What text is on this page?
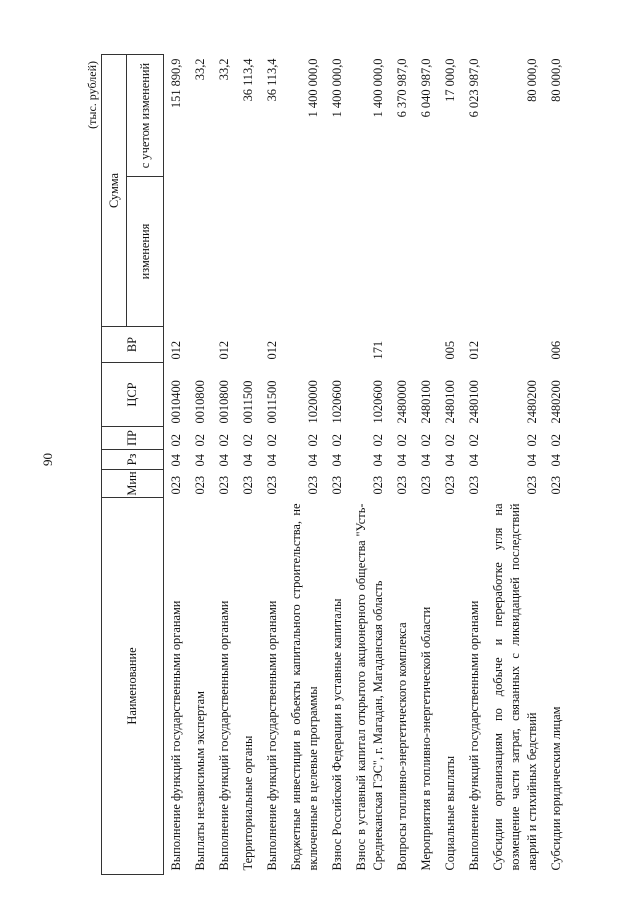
90
(тыс. рублей)
Наименование	Мин	Рз	ПР	ЦСР	ВР	Сумма	
						изменения	с учетом изменений
Выполнение функций государственными органами	023	04	02	0010400	012		151 890,9
Выплаты независимым экспертам	023	04	02	0010800			33,2
Выполнение функций государственными органами	023	04	02	0010800	012		33,2
Территориальные органы	023	04	02	0011500			36 113,4
Выполнение функций государственными органами	023	04	02	0011500	012		36 113,4
Бюджетные инвестиции в объекты капитального строительства, не включенные в целевые программы	023	04	02	1020000			1 400 000,0
Взнос Российской Федерации в уставные капиталы	023	04	02	1020600			1 400 000,0
Взнос в уставный капитал открытого акционерного общества "Усть-Среднеканская ГЭС", г. Магадан, Магаданская область	023	04	02	1020600	171		1 400 000,0
Вопросы топливно-энергетического комплекса	023	04	02	2480000			6 370 987,0
Мероприятия в топливно-энергетической области	023	04	02	2480100			6 040 987,0
Социальные выплаты	023	04	02	2480100	005		17 000,0
Выполнение функций государственными органами	023	04	02	2480100	012		6 023 987,0
Субсидии организациям по добыче и переработке угля на возмещение части затрат, связанных с ликвидацией последствий аварий и стихийных бедствий	023	04	02	2480200			80 000,0
Субсидии юридическим лицам	023	04	02	2480200	006		80 000,0
